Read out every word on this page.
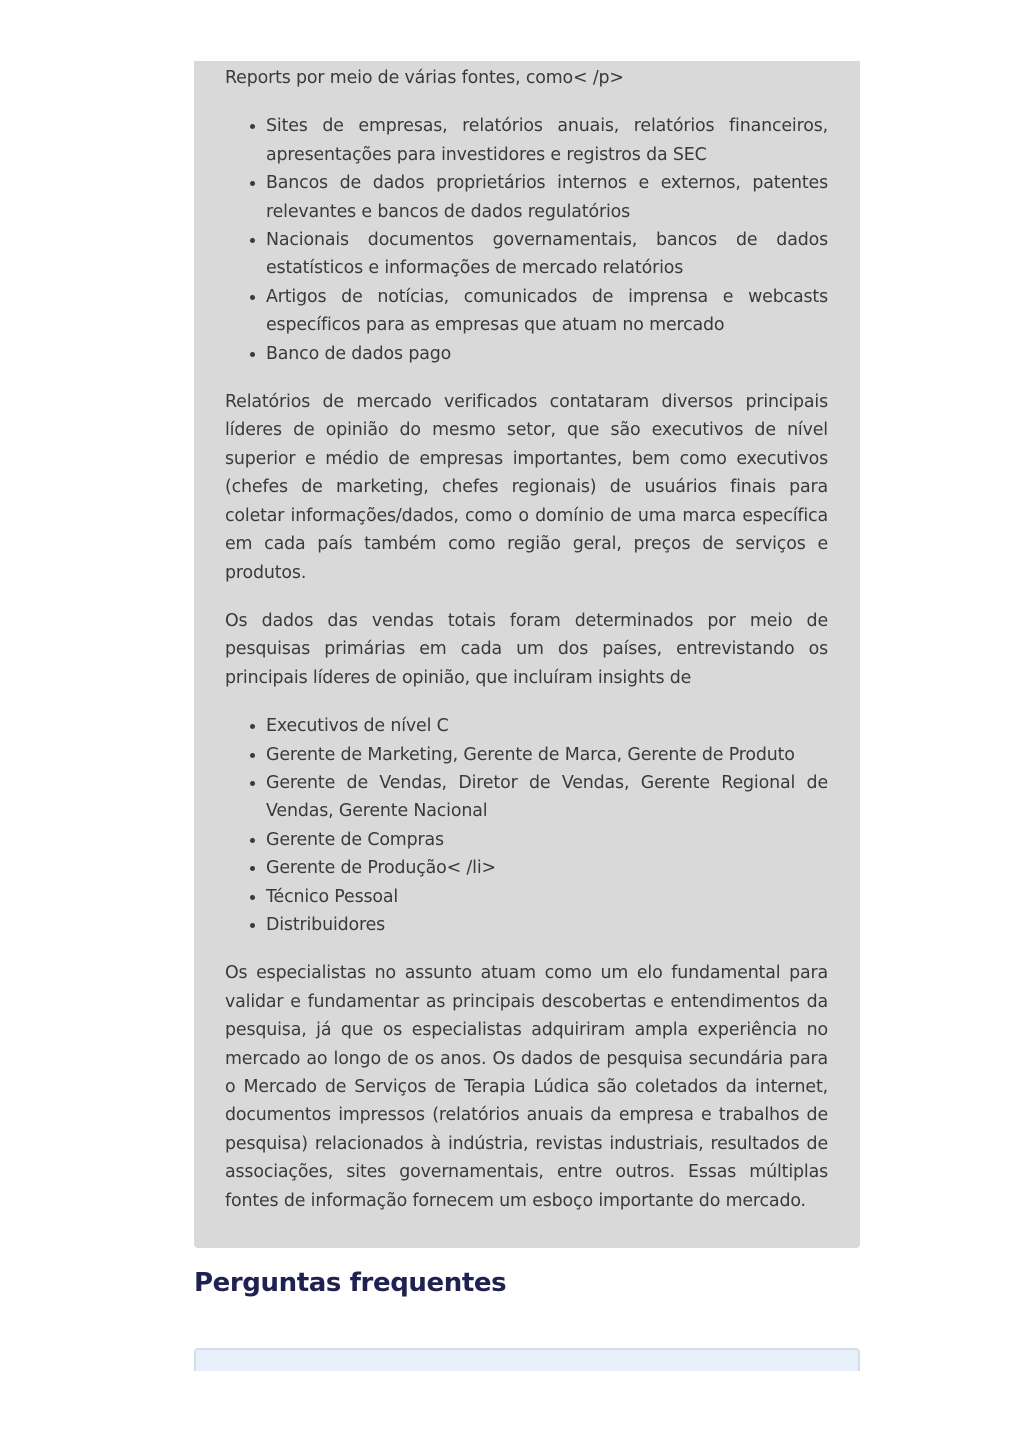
Reports por meio de várias fontes, como< /p>

• Sites de empresas, relatórios anuais, relatórios financeiros, apresentações para investidores e registros da SEC
• Bancos de dados proprietários internos e externos, patentes relevantes e bancos de dados regulatórios
• Nacionais documentos governamentais, bancos de dados estatísticos e informações de mercado relatórios
• Artigos de notícias, comunicados de imprensa e webcasts específicos para as empresas que atuam no mercado
• Banco de dados pago

Relatórios de mercado verificados contataram diversos principais líderes de opinião do mesmo setor, que são executivos de nível superior e médio de empresas importantes, bem como executivos (chefes de marketing, chefes regionais) de usuários finais para coletar informações/dados, como o domínio de uma marca específica em cada país também como região geral, preços de serviços e produtos.

Os dados das vendas totais foram determinados por meio de pesquisas primárias em cada um dos países, entrevistando os principais líderes de opinião, que incluíram insights de

• Executivos de nível C
• Gerente de Marketing, Gerente de Marca, Gerente de Produto
• Gerente de Vendas, Diretor de Vendas, Gerente Regional de Vendas, Gerente Nacional
• Gerente de Compras
• Gerente de Produção< /li>
• Técnico Pessoal
• Distribuidores

Os especialistas no assunto atuam como um elo fundamental para validar e fundamentar as principais descobertas e entendimentos da pesquisa, já que os especialistas adquiriram ampla experiência no mercado ao longo de os anos. Os dados de pesquisa secundária para o Mercado de Serviços de Terapia Lúdica são coletados da internet, documentos impressos (relatórios anuais da empresa e trabalhos de pesquisa) relacionados à indústria, revistas industriais, resultados de associações, sites governamentais, entre outros. Essas múltiplas fontes de informação fornecem um esboço importante do mercado.

Perguntas frequentes
